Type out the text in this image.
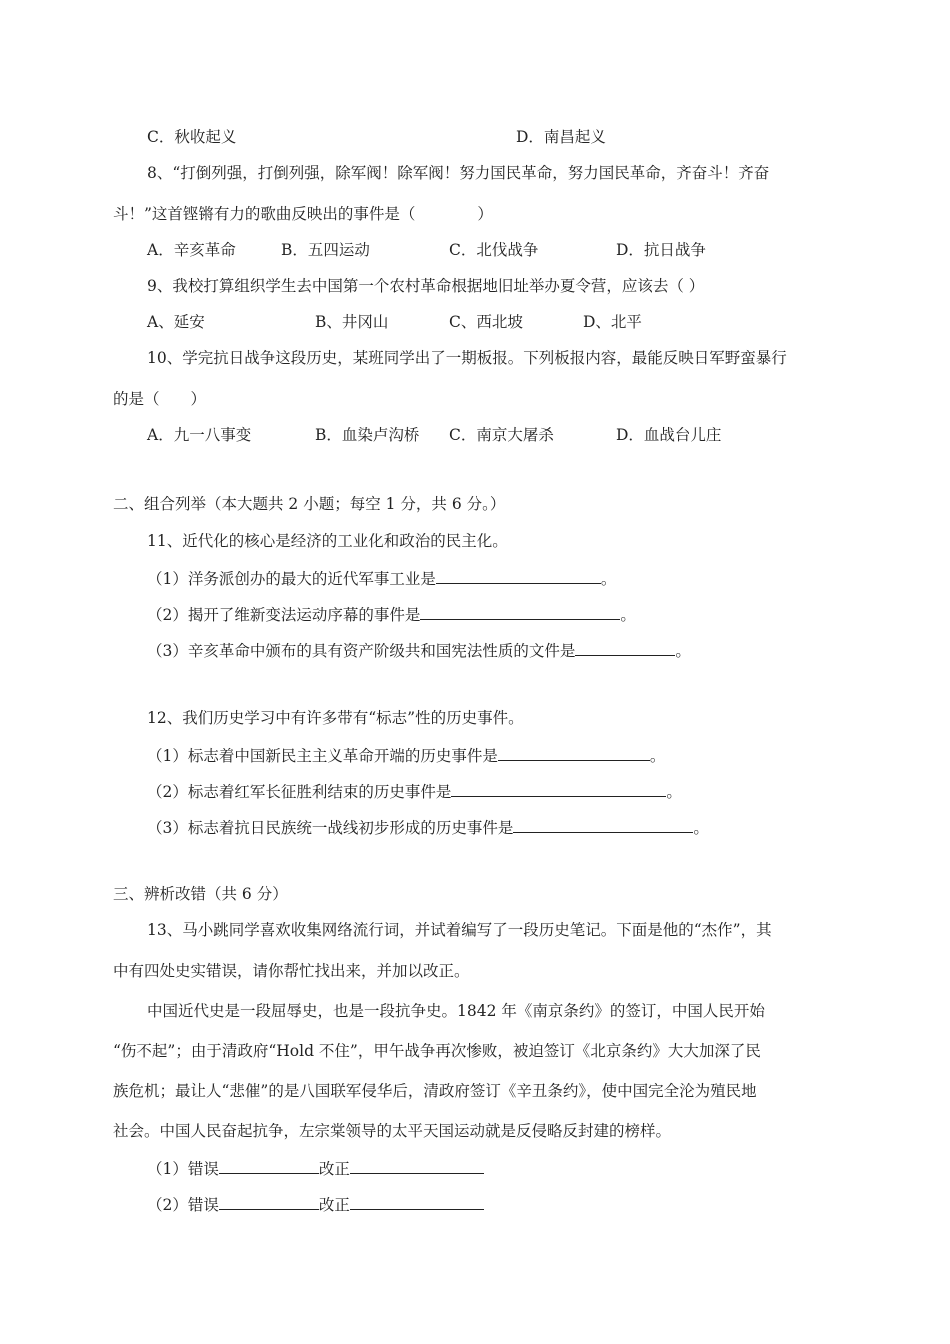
C．秋收起义	D．南昌起义
8、“打倒列强，打倒列强，除军阀！除军阀！努力国民革命，努力国民革命，齐奋斗！齐奋
斗！”这首铿锵有力的歌曲反映出的事件是（　　　　）
A．辛亥革命	B．五四运动	C．北伐战争	D．抗日战争
9、我校打算组织学生去中国第一个农村革命根据地旧址举办夏令营，应该去（ ）
A、延安	B、井冈山	C、西北坡	D、北平
10、学完抗日战争这段历史，某班同学出了一期板报。下列板报内容，最能反映日军野蛮暴行
的是（　　）
A．九一八事变	B．血染卢沟桥 C．南京大屠杀	D．血战台儿庄
二、组合列举（本大题共 2 小题；每空 1 分，共 6 分。）
11、近代化的核心是经济的工业化和政治的民主化。
（1）洋务派创办的最大的近代军事工业是	。
（2）揭开了维新变法运动序幕的事件是	。
（3）辛亥革命中颁布的具有资产阶级共和国宪法性质的文件是	。
12、我们历史学习中有许多带有“标志”性的历史事件。
（1）标志着中国新民主主义革命开端的历史事件是	。
（2）标志着红军长征胜利结束的历史事件是	。
（3）标志着抗日民族统一战线初步形成的历史事件是	。
三、辨析改错（共 6 分）
13、马小跳同学喜欢收集网络流行词，并试着编写了一段历史笔记。下面是他的“杰作”，其
中有四处史实错误，请你帮忙找出来，并加以改正。
中国近代史是一段屈辱史，也是一段抗争史。1842 年《南京条约》的签订，中国人民开始
“伤不起”；由于清政府“Hold 不住”，甲午战争再次惨败，被迫签订《北京条约》大大加深了民
族危机；最让人“悲催”的是八国联军侵华后，清政府签订《辛丑条约》，使中国完全沦为殖民地
社会。中国人民奋起抗争，左宗棠领导的太平天国运动就是反侵略反封建的榜样。
（1）错误	改正
（2）错误	改正
